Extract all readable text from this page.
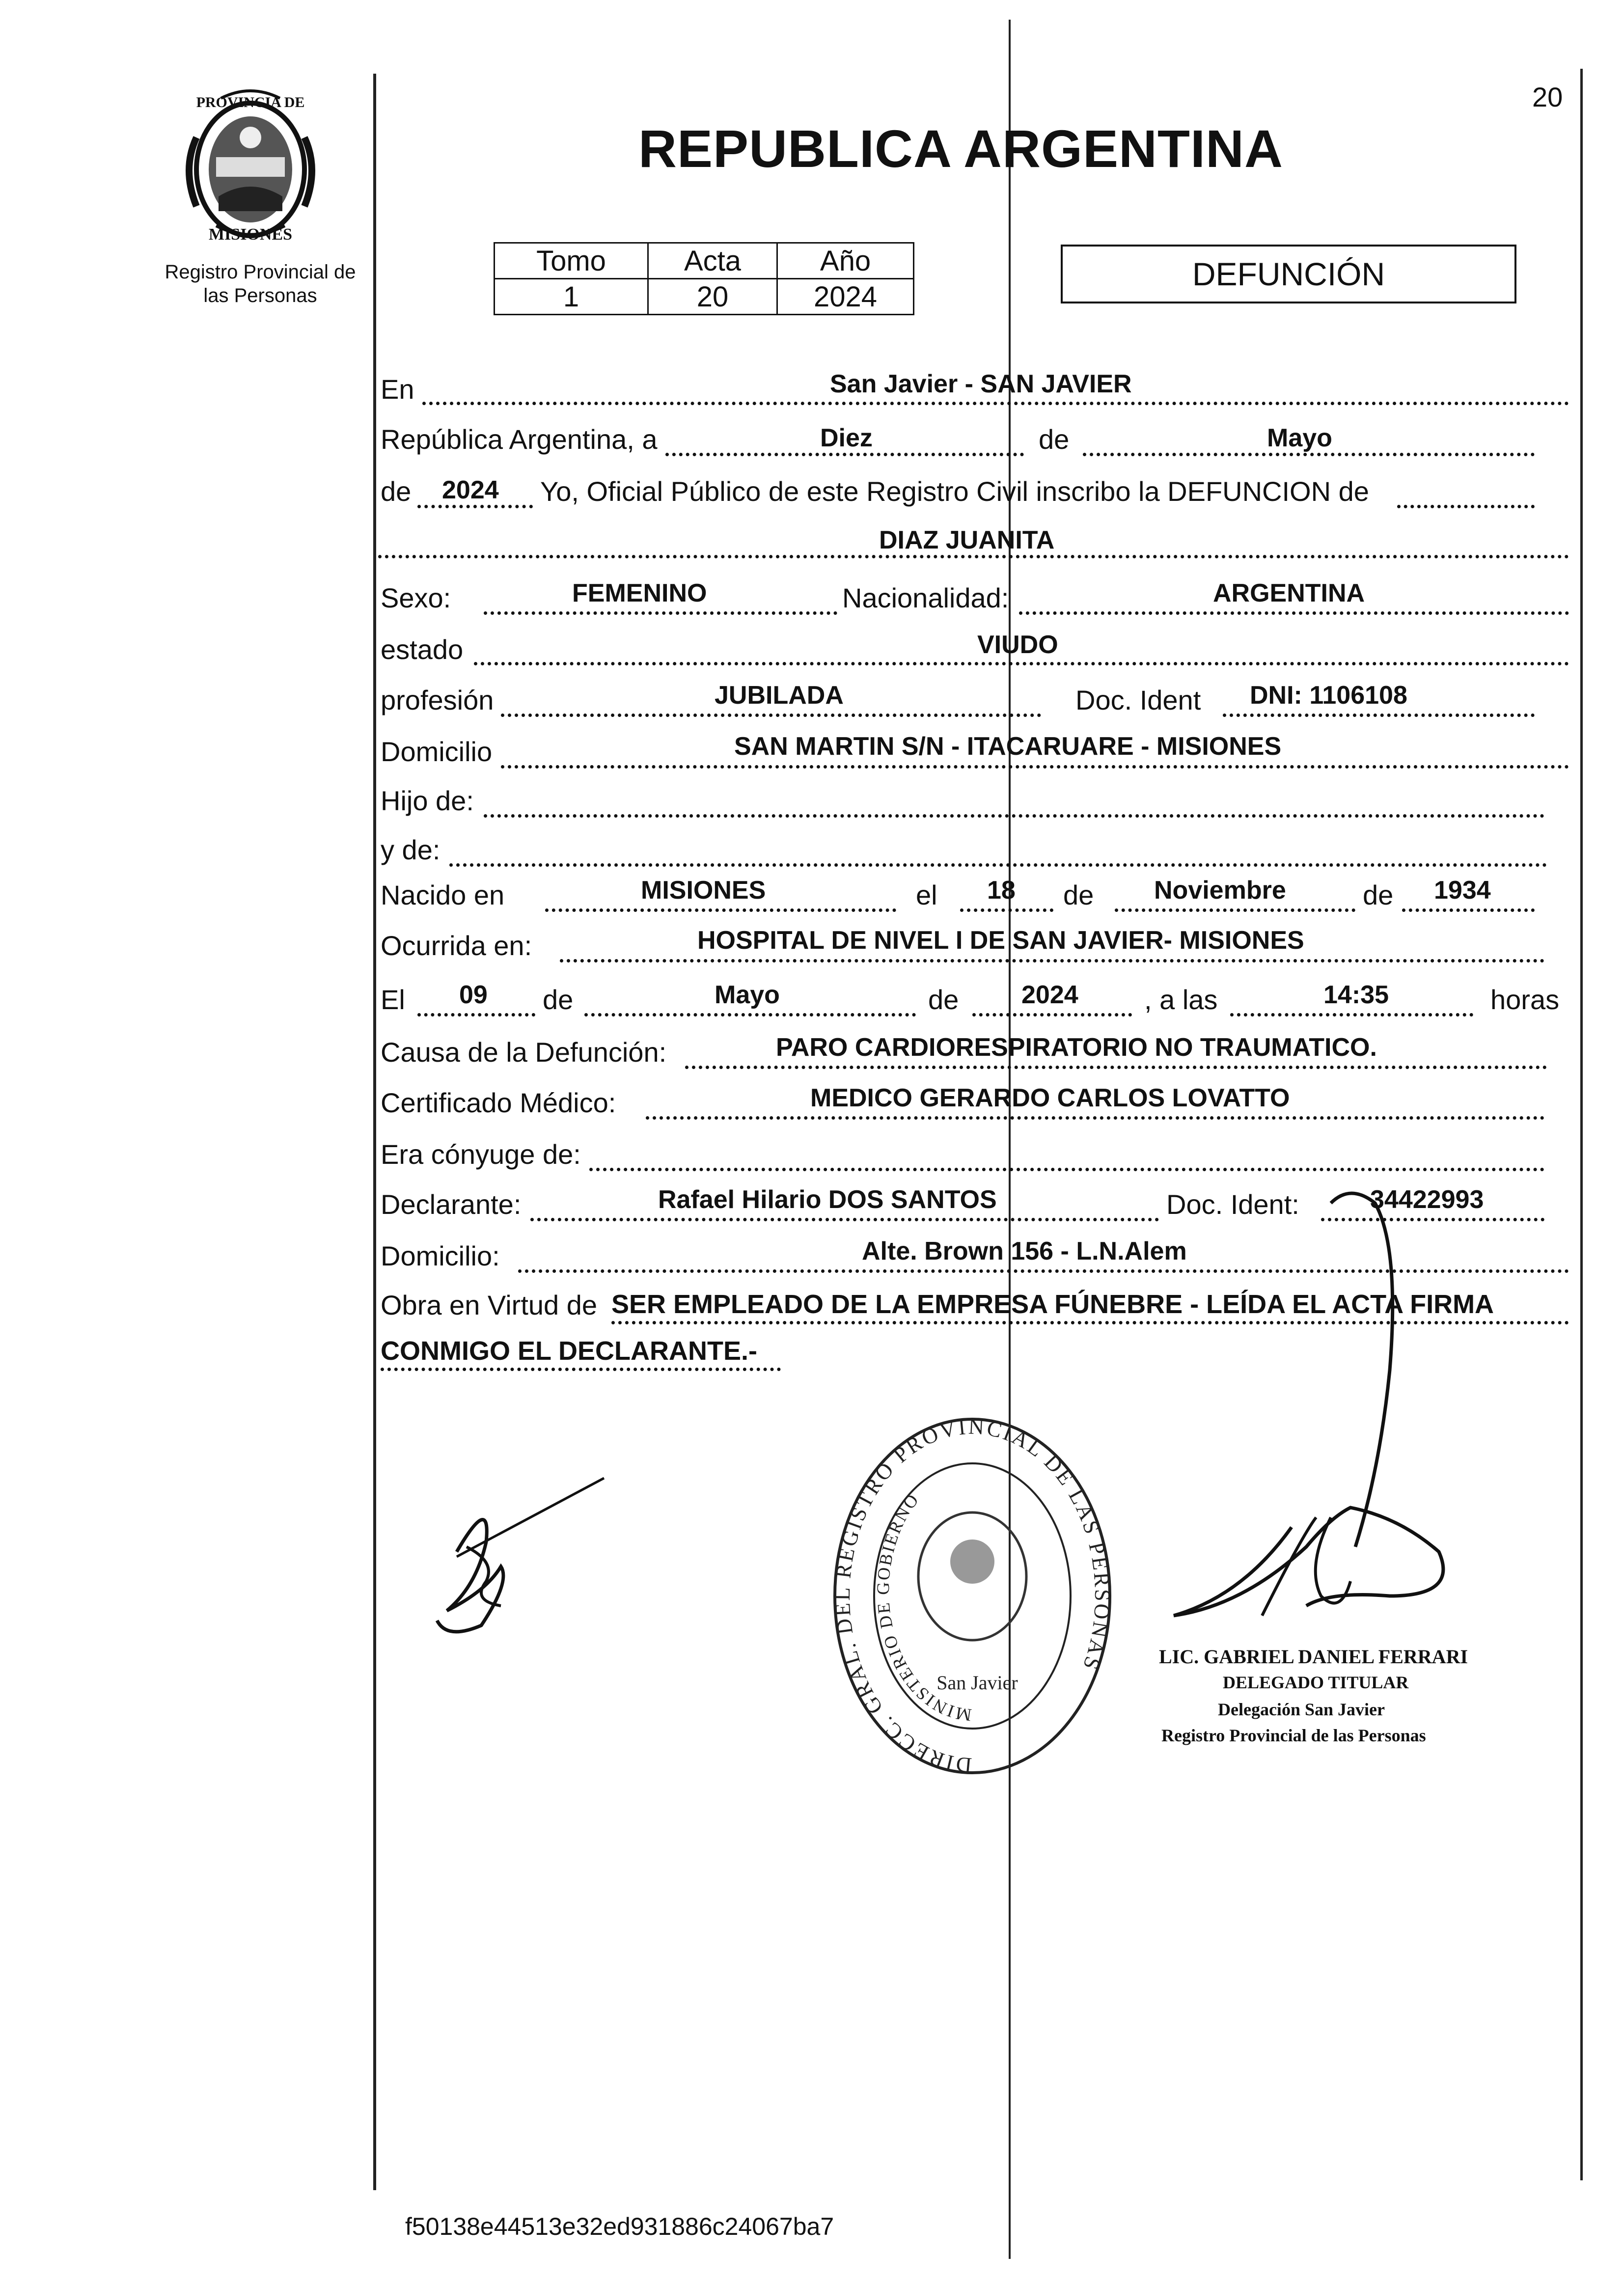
20
PROVINCIA DE
MISIONES
Registro Provincial de las Personas
REPUBLICA ARGENTINA
Tomo	Acta	Año
1	20	2024
DEFUNCIÓN
En	San Javier - SAN JAVIER
República Argentina, a	Diez	de	Mayo
de 2024 Yo, Oficial Público de este Registro Civil inscribo la DEFUNCION de
DIAZ JUANITA
Sexo:	FEMENINO	Nacionalidad:	ARGENTINA
estado	VIUDO
profesión	JUBILADA	Doc. Ident DNI: 1106108
Domicilio	SAN MARTIN S/N - ITACARUARE - MISIONES
Hijo de:
y de:
Nacido en	MISIONES	el 18 de Noviembre	de 1934
Ocurrida en:	HOSPITAL DE NIVEL I DE SAN JAVIER- MISIONES
El 09 de	Mayo	de 2024 , a las	14:35	horas
Causa de la Defunción:	PARO CARDIORESPIRATORIO NO TRAUMATICO.
Certificado Médico:	MEDICO GERARDO CARLOS LOVATTO
Era cónyuge de:
Declarante:	Rafael Hilario DOS SANTOS	Doc. Ident:	34422993
Domicilio:	Alte. Brown 156 - L.N.Alem
Obra en Virtud de SER EMPLEADO DE LA EMPRESA FÚNEBRE - LEÍDA EL ACTA FIRMA
CONMIGO EL DECLARANTE.-
DIRECC. GRAL. DEL REGISTRO PROVINCIAL DE LAS PERSONAS
MINISTERIO DE GOBIERNO
San Javier
LIC. GABRIEL DANIEL FERRARI
DELEGADO TITULAR
Delegación San Javier
Registro Provincial de las Personas
f50138e44513e32ed931886c24067ba7
